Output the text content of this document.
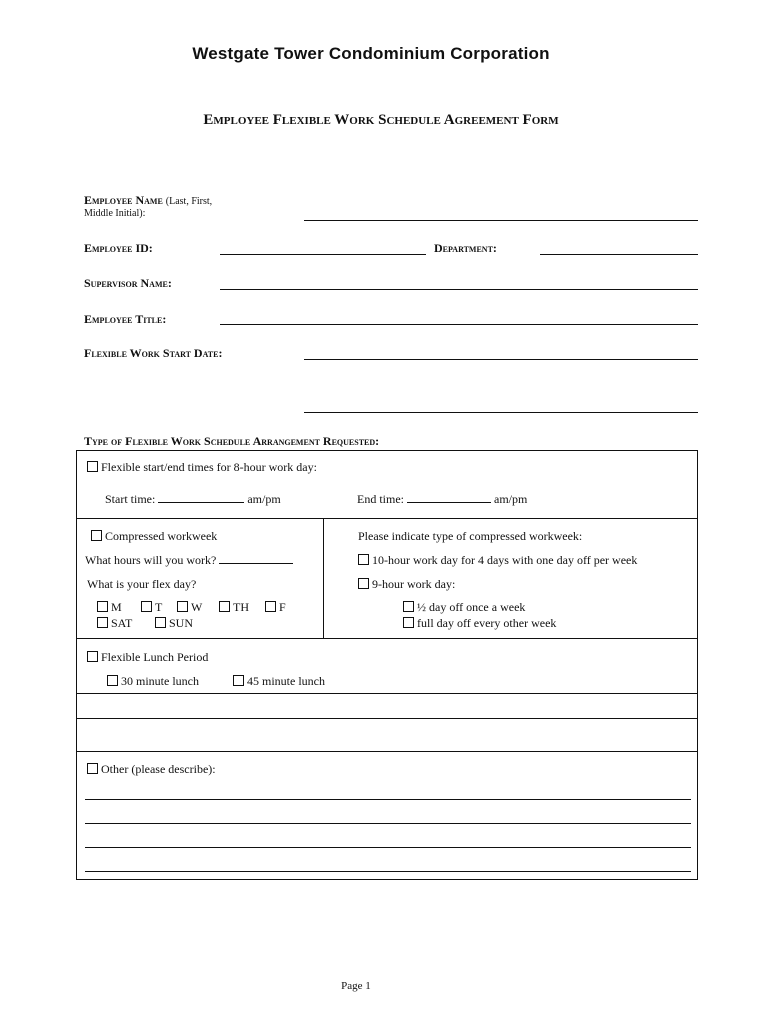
Westgate Tower Condominium Corporation
Employee Flexible Work Schedule Agreement Form
Employee Name (Last, First,
Middle Initial):
Employee ID:	Department:
Supervisor Name:
Employee Title:
Flexible Work Start Date:
Type of Flexible Work Schedule Arrangement Requested:
Flexible start/end times for 8-hour work day:
Start time:	am/pm	End time:	am/pm
Compressed workweek
What hours will you work?
What is your flex day?
M	T	W	TH	F
SAT	SUN
Please indicate type of compressed workweek:
10-hour work day for 4 days with one day off per week
9-hour work day:
½ day off once a week
full day off every other week
Flexible Lunch Period
30 minute lunch	45 minute lunch
Other (please describe):
Page 1
